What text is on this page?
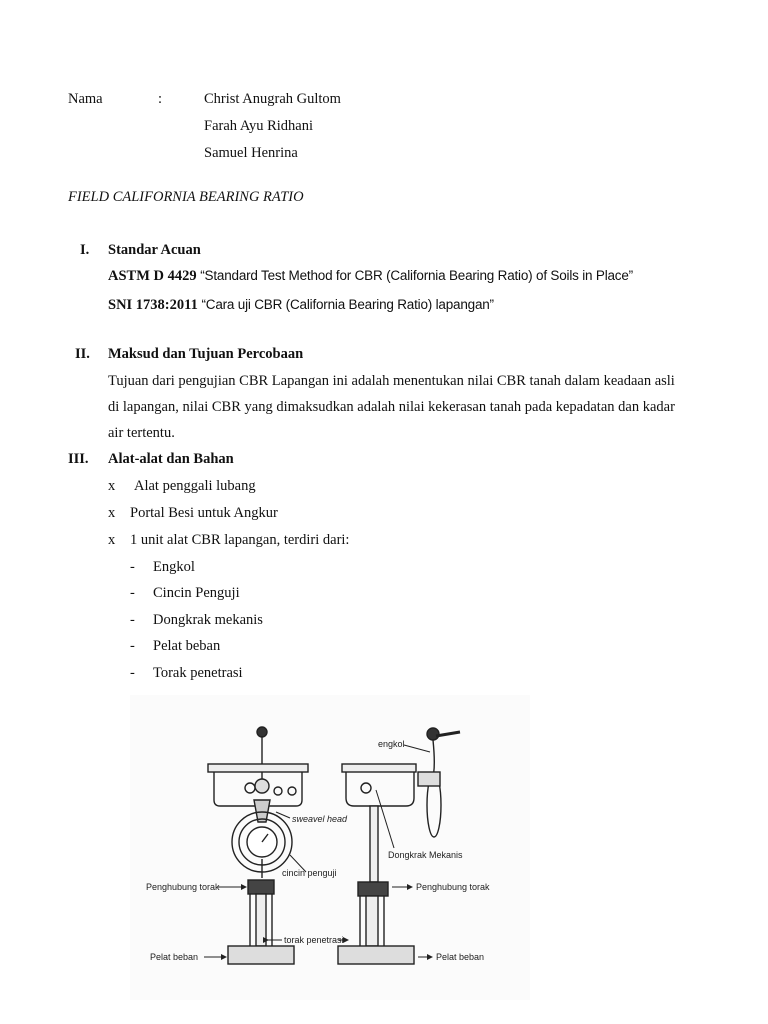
Nama	:	Christ Anugrah Gultom
Farah Ayu Ridhani
Samuel Henrina
FIELD CALIFORNIA BEARING RATIO
I. Standar Acuan
ASTM D 4429 “Standard Test Method for CBR (California Bearing Ratio) of Soils in Place”
SNI 1738:2011 “Cara uji CBR (California Bearing Ratio) lapangan”
II. Maksud dan Tujuan Percobaan
Tujuan dari pengujian CBR Lapangan ini adalah menentukan nilai CBR tanah dalam keadaan asli
di lapangan, nilai CBR yang dimaksudkan adalah nilai kekerasan tanah pada kepadatan dan kadar
air tertentu.
III. Alat-alat dan Bahan
x Alat penggali lubang
x Portal Besi untuk Angkur
x 1 unit alat CBR lapangan, terdiri dari:
- Engkol
- Cincin Penguji
- Dongkrak mekanis
- Pelat beban
- Torak penetrasi
engkol
sweavel head
Dongkrak Mekanis
cincin penguji
Penghubung torak	Penghubung torak
torak penetrasi
Pelat beban	Pelat beban
